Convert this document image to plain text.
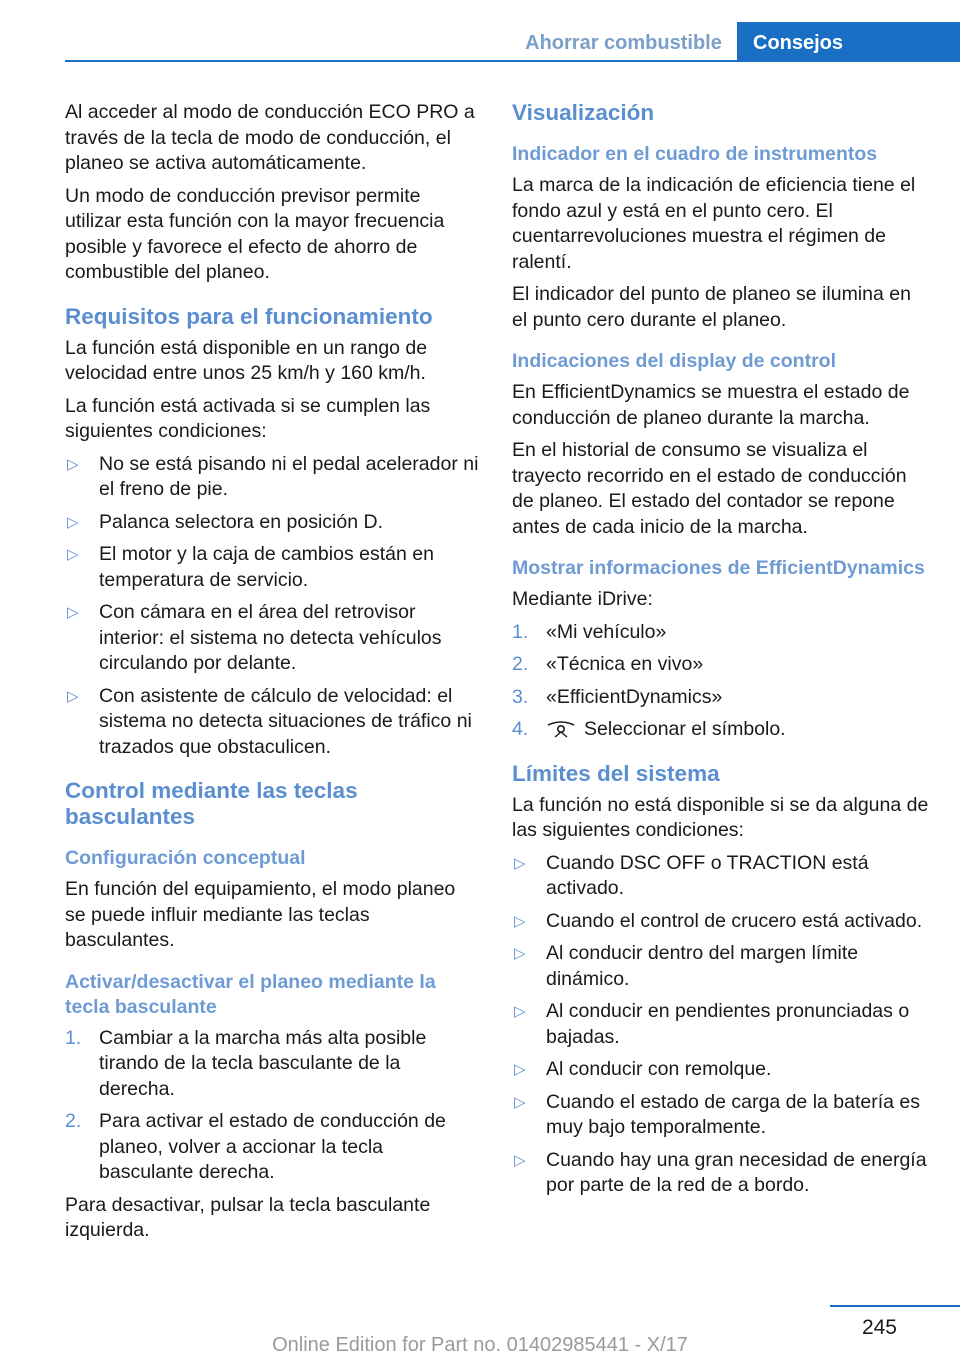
Ahorrar combustible	Consejos

Al acceder al modo de conducción ECO PRO a través de la tecla de modo de conducción, el planeo se activa automáticamente.

Un modo de conducción previsor permite utilizar esta función con la mayor frecuencia posible y favorece el efecto de ahorro de combustible del planeo.

Requisitos para el funcionamiento

La función está disponible en un rango de velocidad entre unos 25 km/h y 160 km/h.

La función está activada si se cumplen las siguientes condiciones:

▷ No se está pisando ni el pedal acelerador ni el freno de pie.
▷ Palanca selectora en posición D.
▷ El motor y la caja de cambios están en temperatura de servicio.
▷ Con cámara en el área del retrovisor interior: el sistema no detecta vehículos circulando por delante.
▷ Con asistente de cálculo de velocidad: el sistema no detecta situaciones de tráfico ni trazados que obstaculicen.
Control mediante las teclas basculantes
Configuración conceptual

En función del equipamiento, el modo planeo se puede influir mediante las teclas basculantes.

Activar/desactivar el planeo mediante la tecla basculante
1. Cambiar a la marcha más alta posible tirando de la tecla basculante de la derecha.
2. Para activar el estado de conducción de planeo, volver a accionar la tecla basculante derecha.

Para desactivar, pulsar la tecla basculante izquierda.

Visualización
Indicador en el cuadro de instrumentos

La marca de la indicación de eficiencia tiene el fondo azul y está en el punto cero. El cuentarrevoluciones muestra el régimen de ralentí.

El indicador del punto de planeo se ilumina en el punto cero durante el planeo.

Indicaciones del display de control

En EfficientDynamics se muestra el estado de conducción de planeo durante la marcha.

En el historial de consumo se visualiza el trayecto recorrido en el estado de conducción de planeo. El estado del contador se repone antes de cada inicio de la marcha.

Mostrar informaciones de EfficientDynamics

Mediante iDrive:

1. «Mi vehículo»
2. «Técnica en vivo»
3. «EfficientDynamics»
4.	Seleccionar el símbolo.
Límites del sistema

La función no está disponible si se da alguna de las siguientes condiciones:

▷ Cuando DSC OFF o TRACTION está activado.
▷ Cuando el control de crucero está activado.
▷ Al conducir dentro del margen límite dinámico.
▷ Al conducir en pendientes pronunciadas o bajadas.
▷ Al conducir con remolque.
▷ Cuando el estado de carga de la batería es muy bajo temporalmente.
▷ Cuando hay una gran necesidad de energía por parte de la red de a bordo.
245
Online Edition for Part no. 01402985441 - X/17
